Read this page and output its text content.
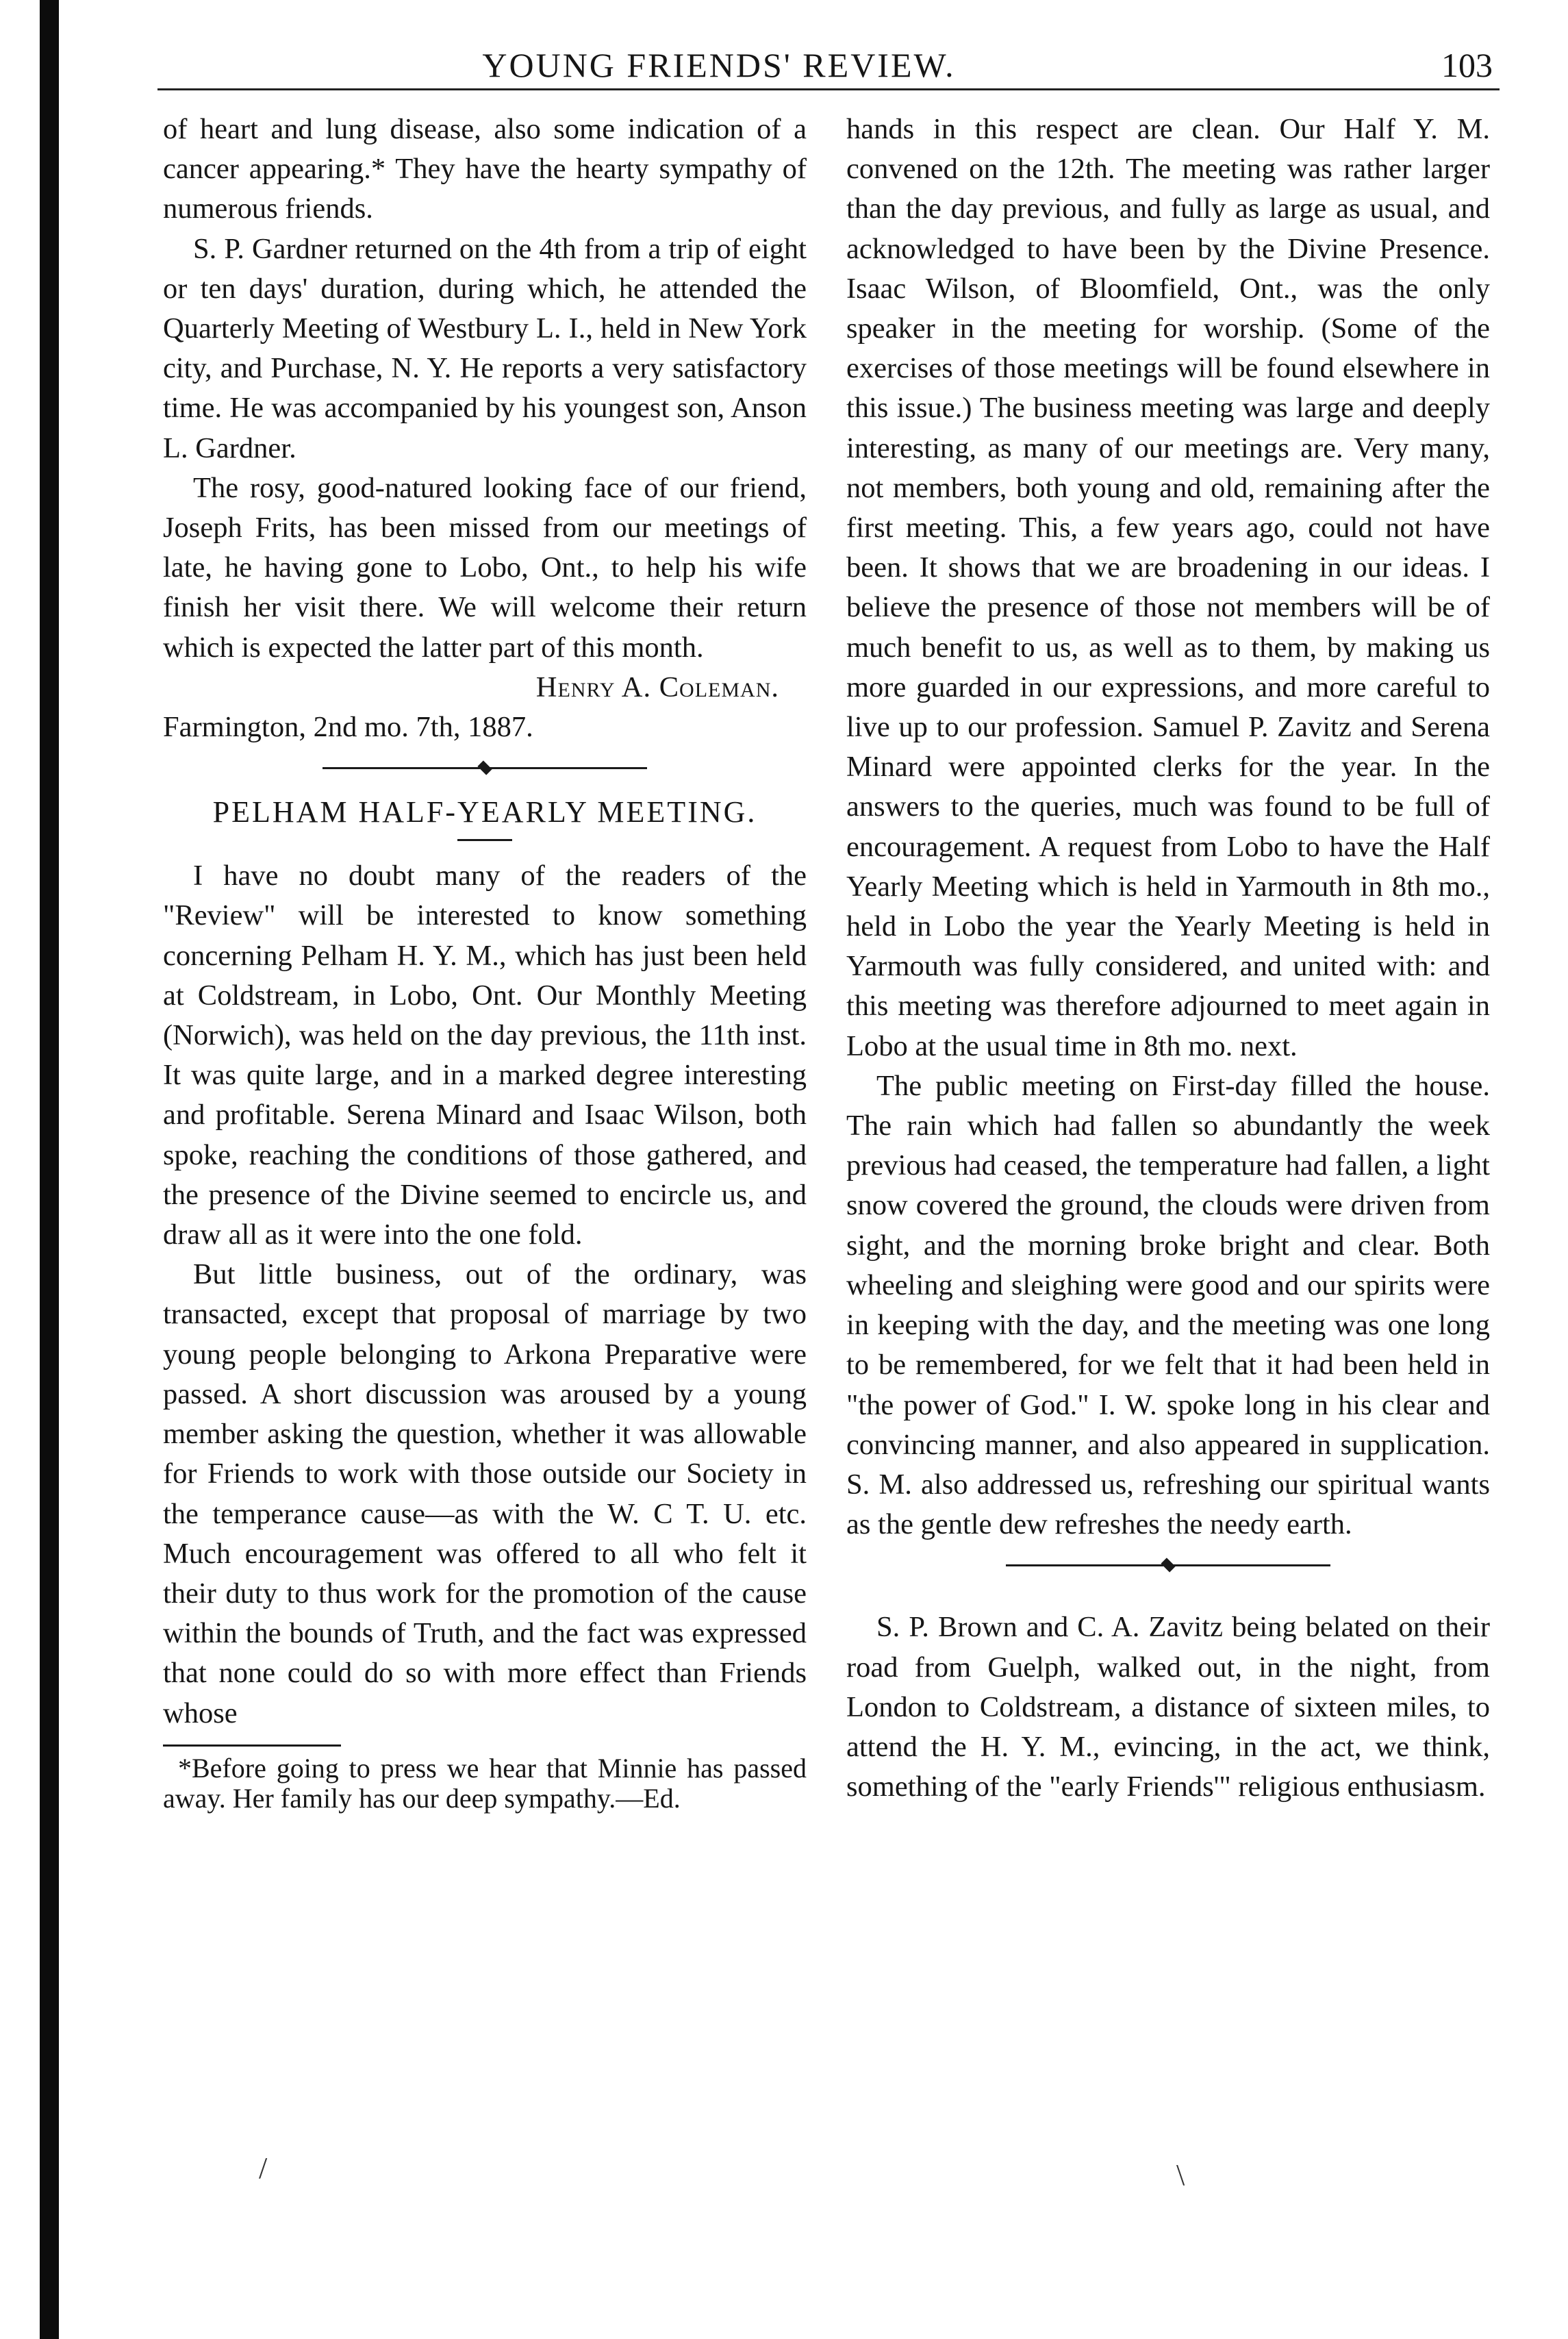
YOUNG FRIENDS' REVIEW.	103

of heart and lung disease, also some indication of a cancer appearing.* They have the hearty sympathy of numerous friends.

S. P. Gardner returned on the 4th from a trip of eight or ten days' duration, during which, he attended the Quarterly Meeting of Westbury L. I., held in New York city, and Purchase, N. Y. He reports a very satisfactory time. He was accompanied by his youngest son, Anson L. Gardner.

The rosy, good-natured looking face of our friend, Joseph Frits, has been missed from our meetings of late, he having gone to Lobo, Ont., to help his wife finish her visit there. We will welcome their return which is expected the latter part of this month.

Henry A. Coleman.

Farmington, 2nd mo. 7th, 1887.

PELHAM HALF-YEARLY MEETING.

I have no doubt many of the readers of the "Review" will be interested to know something concerning Pelham H. Y. M., which has just been held at Coldstream, in Lobo, Ont. Our Monthly Meeting (Norwich), was held on the day previous, the 11th inst. It was quite large, and in a marked degree interesting and profitable. Serena Minard and Isaac Wilson, both spoke, reaching the conditions of those gathered, and the presence of the Divine seemed to encircle us, and draw all as it were into the one fold.

But little business, out of the ordinary, was transacted, except that proposal of marriage by two young people belonging to Arkona Preparative were passed. A short discussion was aroused by a young member asking the question, whether it was allowable for Friends to work with those outside our Society in the temperance cause—as with the W. C T. U. etc. Much encouragement was offered to all who felt it their duty to thus work for the promotion of the cause within the bounds of Truth, and the fact was expressed that none could do so with more effect than Friends whose

*Before going to press we hear that Minnie has passed away. Her family has our deep sympathy.—Ed.

hands in this respect are clean. Our Half Y. M. convened on the 12th. The meeting was rather larger than the day previous, and fully as large as usual, and acknowledged to have been by the Divine Presence. Isaac Wilson, of Bloomfield, Ont., was the only speaker in the meeting for worship. (Some of the exercises of those meetings will be found elsewhere in this issue.) The business meeting was large and deeply interesting, as many of our meetings are. Very many, not members, both young and old, remaining after the first meeting. This, a few years ago, could not have been. It shows that we are broadening in our ideas. I believe the presence of those not members will be of much benefit to us, as well as to them, by making us more guarded in our expressions, and more careful to live up to our profession. Samuel P. Zavitz and Serena Minard were appointed clerks for the year. In the answers to the queries, much was found to be full of encouragement. A request from Lobo to have the Half Yearly Meeting which is held in Yarmouth in 8th mo., held in Lobo the year the Yearly Meeting is held in Yarmouth was fully considered, and united with: and this meeting was therefore adjourned to meet again in Lobo at the usual time in 8th mo. next.

The public meeting on First-day filled the house. The rain which had fallen so abundantly the week previous had ceased, the temperature had fallen, a light snow covered the ground, the clouds were driven from sight, and the morning broke bright and clear. Both wheeling and sleighing were good and our spirits were in keeping with the day, and the meeting was one long to be remembered, for we felt that it had been held in "the power of God." I. W. spoke long in his clear and convincing manner, and also appeared in supplication. S. M. also addressed us, refreshing our spiritual wants as the gentle dew refreshes the needy earth.

S. P. Brown and C. A. Zavitz being belated on their road from Guelph, walked out, in the night, from London to Coldstream, a distance of sixteen miles, to attend the H. Y. M., evincing, in the act, we think, something of the "early Friends'" religious enthusiasm.

/	\
